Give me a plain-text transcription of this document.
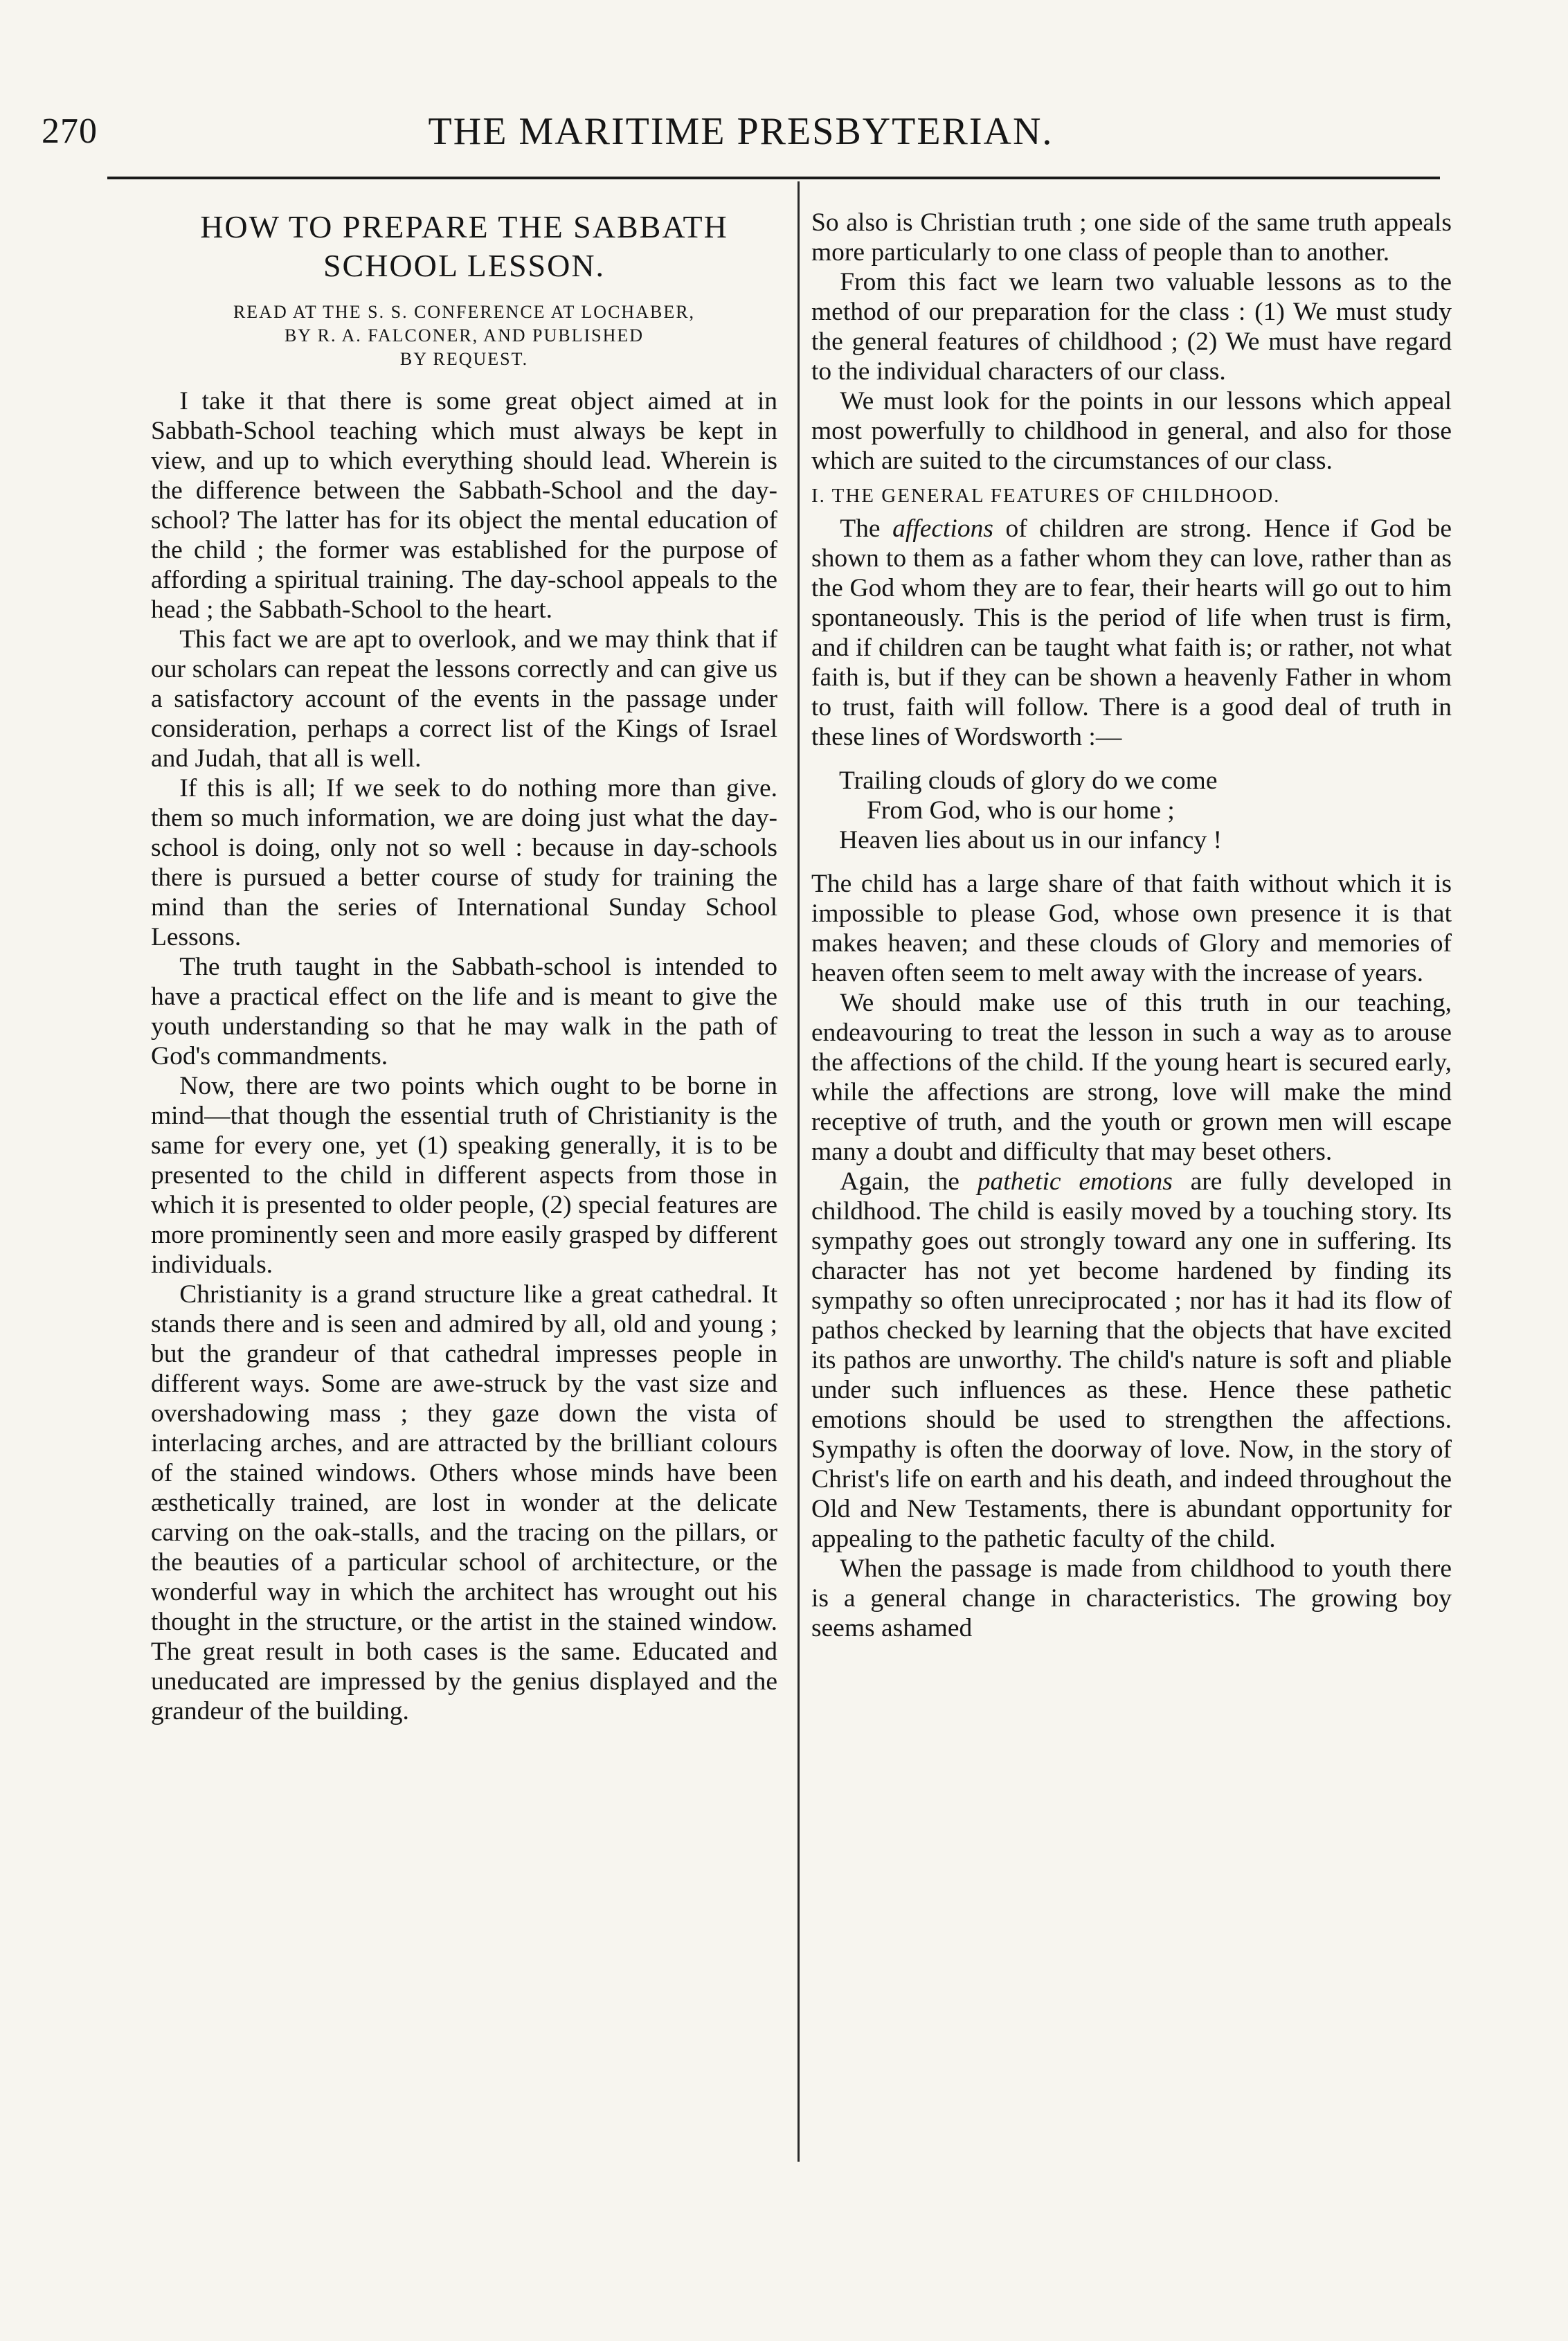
270	THE MARITIME PRESBYTERIAN.
HOW TO PREPARE THE SABBATH
SCHOOL LESSON.
READ AT THE S. S. CONFERENCE AT LOCHABER,
BY R. A. FALCONER, AND PUBLISHED
BY REQUEST.

I take it that there is some great object aimed at in Sabbath-School teaching which must always be kept in view, and up to which everything should lead. Wherein is the difference between the Sabbath-School and the day-school? The latter has for its object the mental education of the child ; the former was established for the purpose of affording a spiritual training. The day-school appeals to the head ; the Sabbath-School to the heart.

This fact we are apt to overlook, and we may think that if our scholars can repeat the lessons correctly and can give us a satisfactory account of the events in the passage under consideration, perhaps a correct list of the Kings of Israel and Judah, that all is well.

If this is all; If we seek to do nothing more than give. them so much information, we are doing just what the day-school is doing, only not so well : because in day-schools there is pursued a better course of study for training the mind than the series of International Sunday School Lessons.

The truth taught in the Sabbath-school is intended to have a practical effect on the life and is meant to give the youth understanding so that he may walk in the path of God's commandments.

Now, there are two points which ought to be borne in mind—that though the essential truth of Christianity is the same for every one, yet (1) speaking generally, it is to be presented to the child in different aspects from those in which it is presented to older people, (2) special features are more prominently seen and more easily grasped by different individuals.

Christianity is a grand structure like a great cathedral. It stands there and is seen and admired by all, old and young ; but the grandeur of that cathedral impresses people in different ways. Some are awe-struck by the vast size and overshadowing mass ; they gaze down the vista of interlacing arches, and are attracted by the brilliant colours of the stained windows. Others whose minds have been æsthetically trained, are lost in wonder at the delicate carving on the oak-stalls, and the tracing on the pillars, or the beauties of a particular school of architecture, or the wonderful way in which the architect has wrought out his thought in the structure, or the artist in the stained window. The great result in both cases is the same. Educated and uneducated are impressed by the genius displayed and the grandeur of the building.

So also is Christian truth ; one side of the same truth appeals more particularly to one class of people than to another.

From this fact we learn two valuable lessons as to the method of our preparation for the class : (1) We must study the general features of childhood ; (2) We must have regard to the individual characters of our class.

We must look for the points in our lessons which appeal most powerfully to childhood in general, and also for those which are suited to the circumstances of our class.

I. THE GENERAL FEATURES OF CHILDHOOD.

The affections of children are strong. Hence if God be shown to them as a father whom they can love, rather than as the God whom they are to fear, their hearts will go out to him spontaneously. This is the period of life when trust is firm, and if children can be taught what faith is; or rather, not what faith is, but if they can be shown a heavenly Father in whom to trust, faith will follow. There is a good deal of truth in these lines of Wordsworth :—

Trailing clouds of glory do we come
From God, who is our home ;
Heaven lies about us in our infancy !

The child has a large share of that faith without which it is impossible to please God, whose own presence it is that makes heaven; and these clouds of Glory and memories of heaven often seem to melt away with the increase of years.

We should make use of this truth in our teaching, endeavouring to treat the lesson in such a way as to arouse the affections of the child. If the young heart is secured early, while the affections are strong, love will make the mind receptive of truth, and the youth or grown men will escape many a doubt and difficulty that may beset others.

Again, the pathetic emotions are fully developed in childhood. The child is easily moved by a touching story. Its sympathy goes out strongly toward any one in suffering. Its character has not yet become hardened by finding its sympathy so often unreciprocated ; nor has it had its flow of pathos checked by learning that the objects that have excited its pathos are unworthy. The child's nature is soft and pliable under such influences as these. Hence these pathetic emotions should be used to strengthen the affections. Sympathy is often the doorway of love. Now, in the story of Christ's life on earth and his death, and indeed throughout the Old and New Testaments, there is abundant opportunity for appealing to the pathetic faculty of the child.

When the passage is made from childhood to youth there is a general change in characteristics. The growing boy seems ashamed
